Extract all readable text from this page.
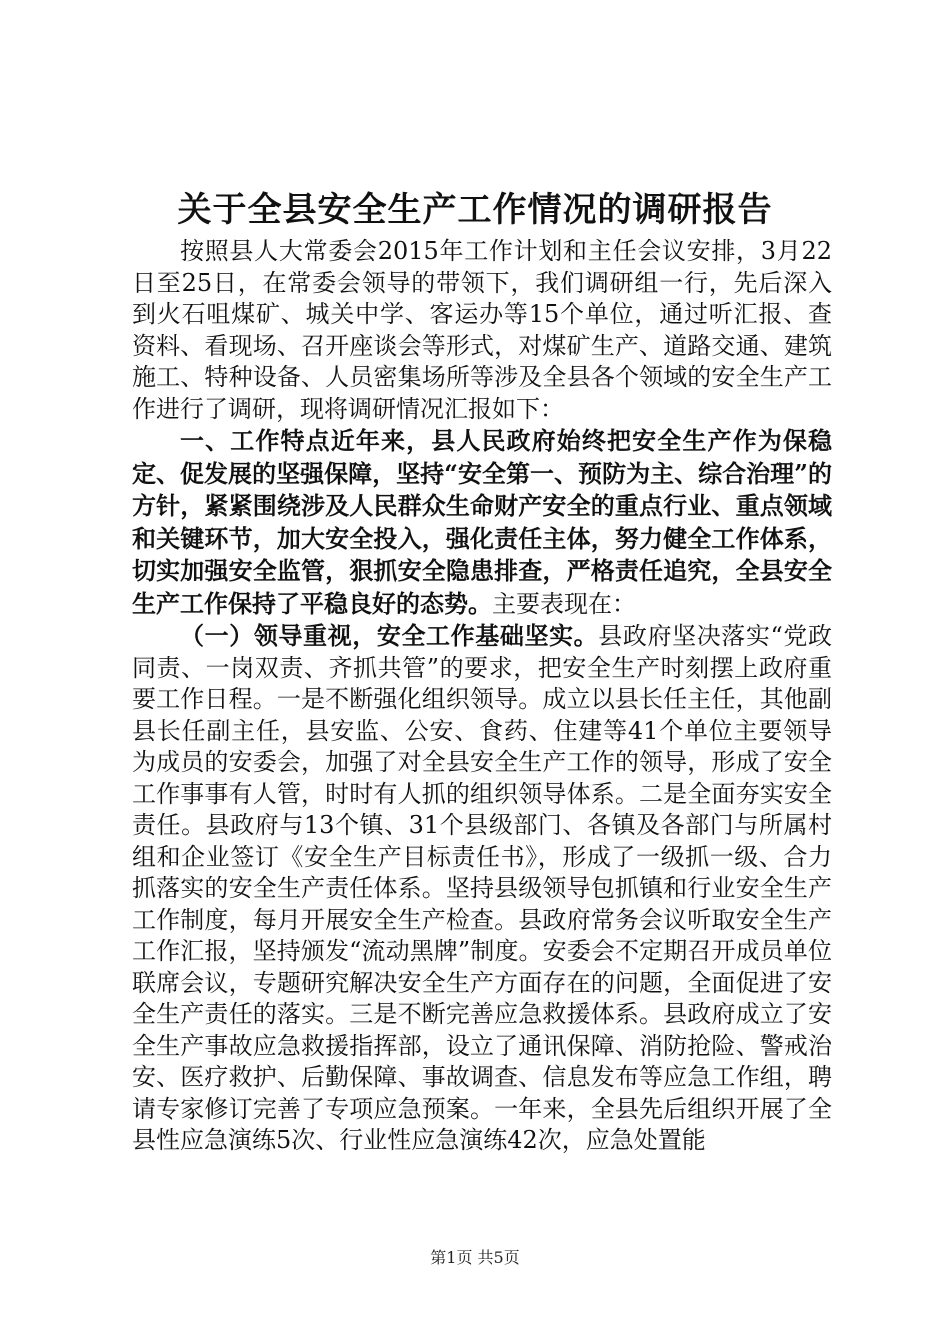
关于全县安全生产工作情况的调研报告

按照县人大常委会2015年工作计划和主任会议安排，3月22日至25日，在常委会领导的带领下，我们调研组一行，先后深入到火石咀煤矿、城关中学、客运办等15个单位，通过听汇报、查资料、看现场、召开座谈会等形式，对煤矿生产、道路交通、建筑施工、特种设备、人员密集场所等涉及全县各个领域的安全生产工作进行了调研，现将调研情况汇报如下：

一、工作特点近年来，县人民政府始终把安全生产作为保稳定、促发展的坚强保障，坚持“安全第一、预防为主、综合治理”的方针，紧紧围绕涉及人民群众生命财产安全的重点行业、重点领域和关键环节，加大安全投入，强化责任主体，努力健全工作体系，切实加强安全监管，狠抓安全隐患排查，严格责任追究，全县安全生产工作保持了平稳良好的态势。主要表现在：

（一）领导重视，安全工作基础坚实。县政府坚决落实“党政同责、一岗双责、齐抓共管”的要求，把安全生产时刻摆上政府重要工作日程。一是不断强化组织领导。成立以县长任主任，其他副县长任副主任，县安监、公安、食药、住建等41个单位主要领导为成员的安委会，加强了对全县安全生产工作的领导，形成了安全工作事事有人管，时时有人抓的组织领导体系。二是全面夯实安全责任。县政府与13个镇、31个县级部门、各镇及各部门与所属村组和企业签订《安全生产目标责任书》，形成了一级抓一级、合力抓落实的安全生产责任体系。坚持县级领导包抓镇和行业安全生产工作制度，每月开展安全生产检查。县政府常务会议听取安全生产工作汇报，坚持颁发“流动黑牌”制度。安委会不定期召开成员单位联席会议，专题研究解决安全生产方面存在的问题，全面促进了安全生产责任的落实。三是不断完善应急救援体系。县政府成立了安全生产事故应急救援指挥部，设立了通讯保障、消防抢险、警戒治安、医疗救护、后勤保障、事故调查、信息发布等应急工作组，聘请专家修订完善了专项应急预案。一年来，全县先后组织开展了全县性应急演练5次、行业性应急演练42次，应急处置能

第1页 共5页
